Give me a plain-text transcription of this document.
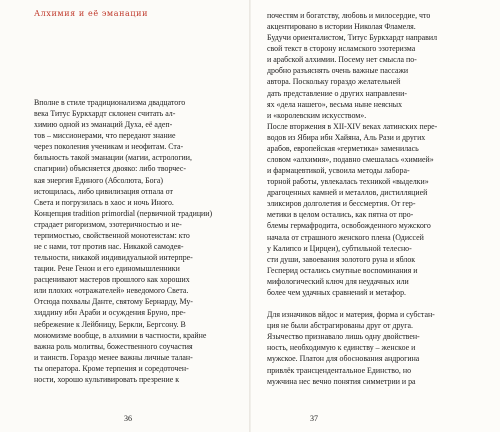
Алхимия и её эманации
Вполне в стиле традиционализма двадцатого
века Титус Буркхардт склонен считать ал-
химию одной из эманаций Духа, её адеп-
тов – миссионерами, что передают знание
через поколения ученикам и неофитам. Ста-
бильность такой эманации (магии, астрологии,
спагирии) объясняется двояко: либо творчес-
кая энергия Единого (Абсолюта, Бога)
истощилась, либо цивилизация отпала от
Света и погрузилась в хаос и ночь Иного.
Концепция tradition primordial (первичной традиции)
страдает ригоризмом, эзотеричностью и не-
терпимостью, свойственной монотеистам: кто
не с нами, тот против нас. Никакой самодея-
тельности, никакой индивидуальной интерпре-
тации. Рене Генон и его единомышленники
расценивают мастеров прошлого как хороших
или плохих «отражателей» неведомого Света.
Отсюда похвалы Данте, святому Бернарду, Му-
хиддину ибн Араби и осуждения Бруно, пре-
небрежение к Лейбницу, Беркли, Бергсону. В
мономизме вообще, в алхимии в частности, крайне
важна роль молитвы, божественного соучастия
и таинств. Гораздо менее важны личные талан-
ты оператора. Кроме терпения и соредоточен-
ности, хорошо культивировать презрение к
36
почестям и богатству, любовь и милосердие, что
акцентировано в истории Николая Фламеля.
Будучи ориенталистом, Титус Буркхардт направил
свой текст в сторону исламского эзотеризма
и арабской алхимии. Посему нет смысла по-
дробно разъяснять очень важные пассажи
автора. Поскольку гораздо желательней
дать представление о других направлени-
ях «дела нашего», весьма ныне неясных
и «королевским искусством».
После вторжения в XII-XIV веках латинских пере-
водов из Ябира ибн Хайяна, Аль Рази и других
арабов, европейская «герметика» заменилась
словом «алхимия», подавно смешалась «химией»
и фармацевтикой, усвоила методы лабора-
торной работы, увлекалась техникой «выделки»
драгоценных камней и металлов, дистилляцией
эликсиров долголетия и бессмертия. От гер-
метики в целом остались, как пятна от про-
блемы гермафродита, освобожденного мужского
начала от страшного женского плена (Одиссей
у Калипсо и Цирцеи), субтильной телесно-
сти души, завоевания золотого руна и яблок
Гесперид остались смутные воспоминания и
мифологический ключ для неудачных или
более чем удачных сравнений и метафор.
Для изначиков вйдос и материя, форма и субстан-
ция не были абстрагированы друг от друга.
Язычество признавало лишь одну двойствен-
ность, необходимую к единству – женское и
мужское. Платон для обоснования андрогина
привлёк трансцендентальное Единство, но
мужчина нес вечно понятия симметрии и ра
37
